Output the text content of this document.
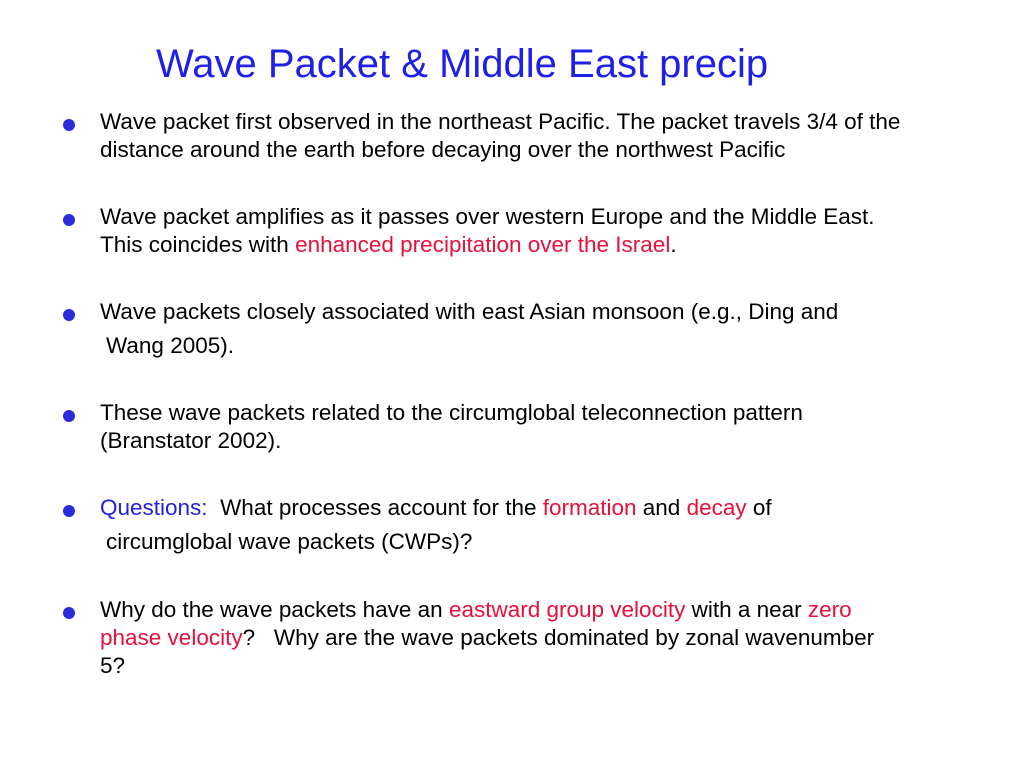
Wave Packet & Middle East precip
Wave packet first observed in the northeast Pacific. The packet travels 3/4 of the
distance around the earth before decaying over the northwest Pacific
Wave packet amplifies as it passes over western Europe and the Middle East.
This coincides with enhanced precipitation over the Israel.
Wave packets closely associated with east Asian monsoon (e.g., Ding and
Wang 2005).
These wave packets related to the circumglobal teleconnection pattern
(Branstator 2002).
Questions:  What processes account for the formation and decay of
circumglobal wave packets (CWPs)?
Why do the wave packets have an eastward group velocity with a near zero
phase velocity?   Why are the wave packets dominated by zonal wavenumber
5?
